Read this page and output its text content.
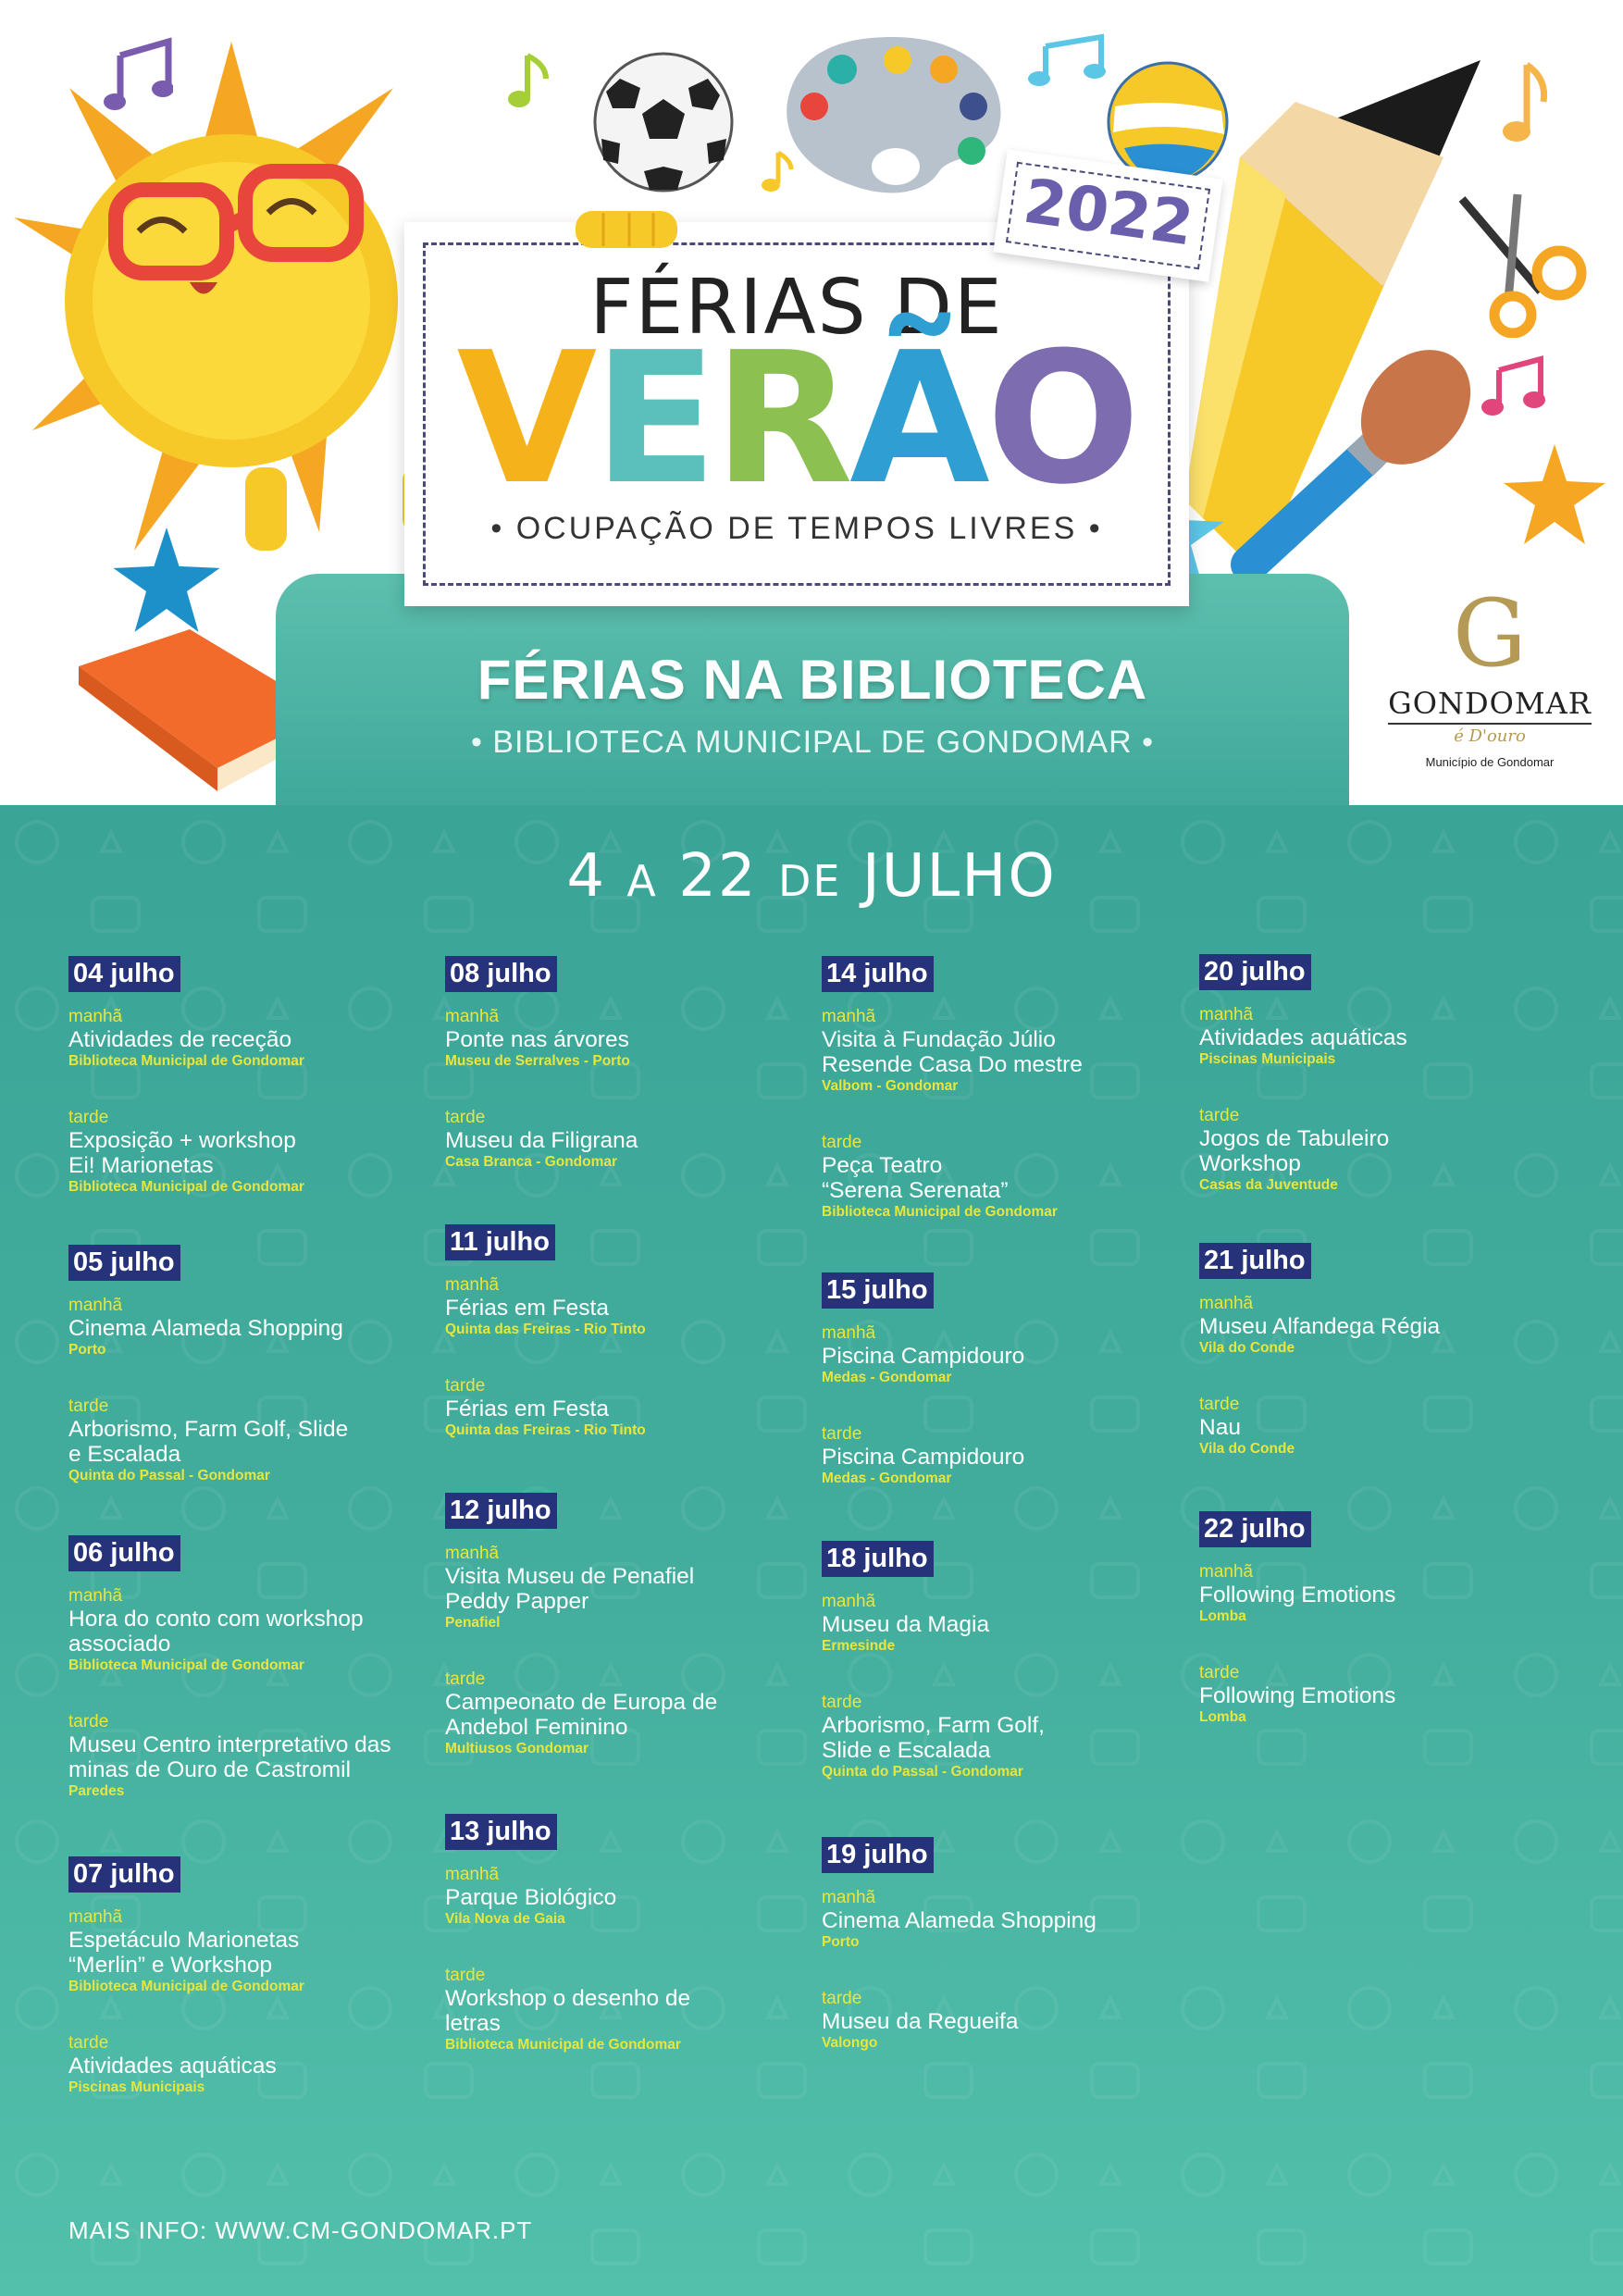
FÉRIAS NA BIBLIOTECA
• BIBLIOTECA MUNICIPAL DE GONDOMAR •
FÉRIAS DE
VERÃO
• OCUPAÇÃO DE TEMPOS LIVRES •
2022
G
GONDOMAR
é D'ouro
Município de Gondomar
4 A 22 DE JULHO
04 julho
manhã
Atividades de receção
Biblioteca Municipal de Gondomar
tarde
Exposição + workshop
Ei! Marionetas
Biblioteca Municipal de Gondomar
05 julho
manhã
Cinema Alameda Shopping
Porto
tarde
Arborismo, Farm Golf, Slide
e Escalada
Quinta do Passal - Gondomar
06 julho
manhã
Hora do conto com workshop
associado
Biblioteca Municipal de Gondomar
tarde
Museu Centro interpretativo das
minas de Ouro de Castromil
Paredes
07 julho
manhã
Espetáculo Marionetas
“Merlin” e Workshop
Biblioteca Municipal de Gondomar
tarde
Atividades aquáticas
Piscinas Municipais
08 julho
manhã
Ponte nas árvores
Museu de Serralves - Porto
tarde
Museu da Filigrana
Casa Branca - Gondomar
11 julho
manhã
Férias em Festa
Quinta das Freiras - Rio Tinto
tarde
Férias em Festa
Quinta das Freiras - Rio Tinto
12 julho
manhã
Visita Museu de Penafiel
Peddy Papper
Penafiel
tarde
Campeonato de Europa de
Andebol Feminino
Multiusos Gondomar
13 julho
manhã
Parque Biológico
Vila Nova de Gaia
tarde
Workshop o desenho de
letras
Biblioteca Municipal de Gondomar
14 julho
manhã
Visita à Fundação Júlio
Resende Casa Do mestre
Valbom - Gondomar
tarde
Peça Teatro
“Serena Serenata”
Biblioteca Municipal de Gondomar
15 julho
manhã
Piscina Campidouro
Medas - Gondomar
tarde
Piscina Campidouro
Medas - Gondomar
18 julho
manhã
Museu da Magia
Ermesinde
tarde
Arborismo, Farm Golf,
Slide e Escalada
Quinta do Passal - Gondomar
19 julho
manhã
Cinema Alameda Shopping
Porto
tarde
Museu da Regueifa
Valongo
20 julho
manhã
Atividades aquáticas
Piscinas Municipais
tarde
Jogos de Tabuleiro
Workshop
Casas da Juventude
21 julho
manhã
Museu Alfandega Régia
Vila do Conde
tarde
Nau
Vila do Conde
22 julho
manhã
Following Emotions
Lomba
tarde
Following Emotions
Lomba
MAIS INFO: WWW.CM-GONDOMAR.PT
